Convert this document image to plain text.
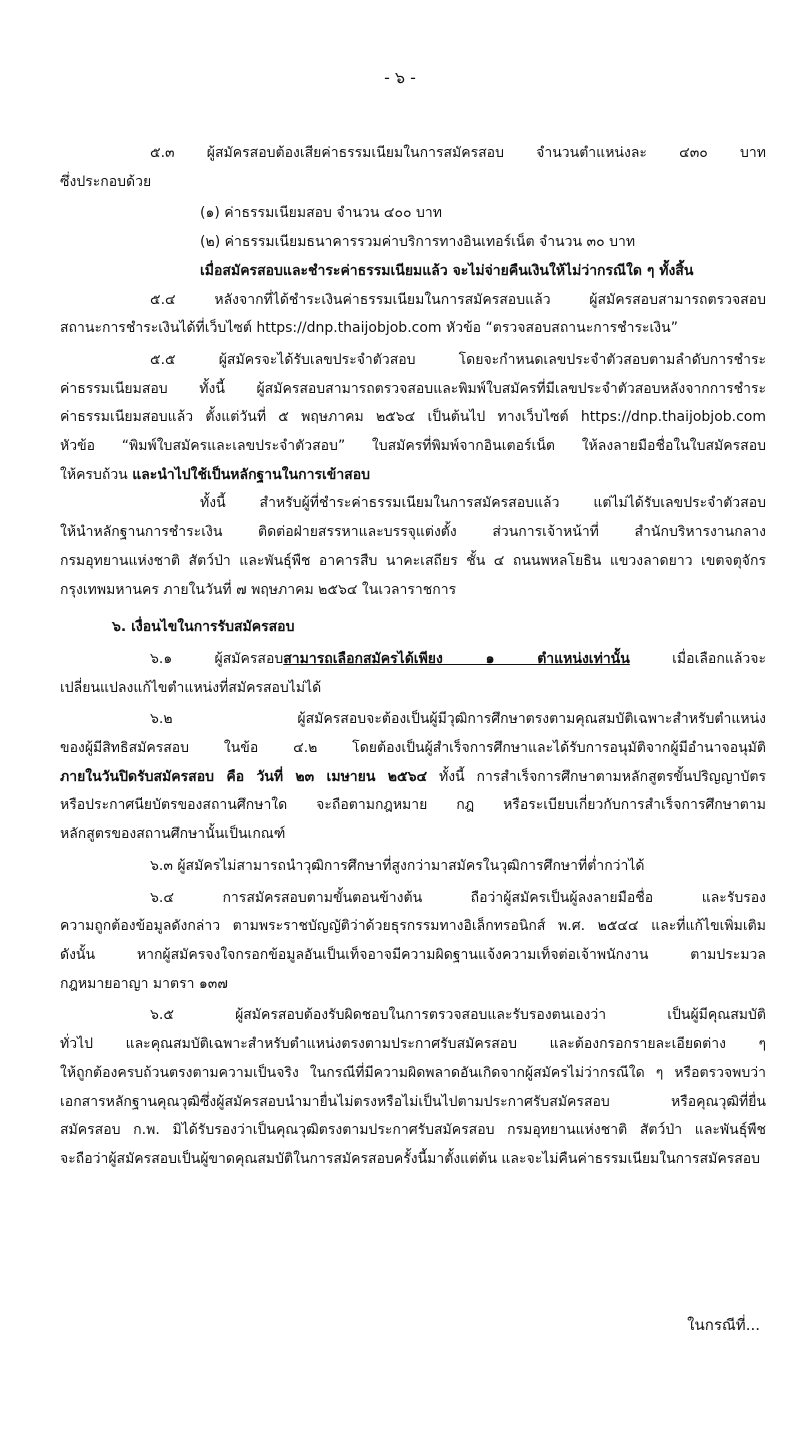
- ๖ -
๕.๓ ผู้สมัครสอบต้องเสียค่าธรรมเนียมในการสมัครสอบ จำนวนตำแหน่งละ ๔๓๐ บาท
ซึ่งประกอบด้วย
(๑) ค่าธรรมเนียมสอบ จำนวน ๔๐๐ บาท
(๒) ค่าธรรมเนียมธนาคารรวมค่าบริการทางอินเทอร์เน็ต จำนวน ๓๐ บาท
เมื่อสมัครสอบและชำระค่าธรรมเนียมแล้ว จะไม่จ่ายคืนเงินให้ไม่ว่ากรณีใด ๆ ทั้งสิ้น
๕.๔ หลังจากที่ได้ชำระเงินค่าธรรมเนียมในการสมัครสอบแล้ว ผู้สมัครสอบสามารถตรวจสอบ
สถานะการชำระเงินได้ที่เว็บไซต์ https://dnp.thaijobjob.com หัวข้อ “ตรวจสอบสถานะการชำระเงิน”
๕.๕ ผู้สมัครจะได้รับเลขประจำตัวสอบ โดยจะกำหนดเลขประจำตัวสอบตามลำดับการชำระ
ค่าธรรมเนียมสอบ ทั้งนี้ ผู้สมัครสอบสามารถตรวจสอบและพิมพ์ใบสมัครที่มีเลขประจำตัวสอบหลังจากการชำระ
ค่าธรรมเนียมสอบแล้ว ตั้งแต่วันที่ ๕ พฤษภาคม ๒๕๖๔ เป็นต้นไป ทางเว็บไซต์ https://dnp.thaijobjob.com
หัวข้อ “พิมพ์ใบสมัครและเลขประจำตัวสอบ” ใบสมัครที่พิมพ์จากอินเตอร์เน็ต ให้ลงลายมือชื่อในใบสมัครสอบ
ให้ครบถ้วน และนำไปใช้เป็นหลักฐานในการเข้าสอบ
ทั้งนี้ สำหรับผู้ที่ชำระค่าธรรมเนียมในการสมัครสอบแล้ว แต่ไม่ได้รับเลขประจำตัวสอบ
ให้นำหลักฐานการชำระเงิน ติดต่อฝ่ายสรรหาและบรรจุแต่งตั้ง ส่วนการเจ้าหน้าที่ สำนักบริหารงานกลาง
กรมอุทยานแห่งชาติ สัตว์ป่า และพันธุ์พืช อาคารสืบ นาคะเสถียร ชั้น ๔ ถนนพหลโยธิน แขวงลาดยาว เขตจตุจักร
กรุงเทพมหานคร ภายในวันที่ ๗ พฤษภาคม ๒๕๖๔ ในเวลาราชการ
๖. เงื่อนไขในการรับสมัครสอบ
๖.๑ ผู้สมัครสอบสามารถเลือกสมัครได้เพียง ๑ ตำแหน่งเท่านั้น เมื่อเลือกแล้วจะ
เปลี่ยนแปลงแก้ไขตำแหน่งที่สมัครสอบไม่ได้
๖.๒ ผู้สมัครสอบจะต้องเป็นผู้มีวุฒิการศึกษาตรงตามคุณสมบัติเฉพาะสำหรับตำแหน่ง
ของผู้มีสิทธิสมัครสอบ ในข้อ ๔.๒ โดยต้องเป็นผู้สำเร็จการศึกษาและได้รับการอนุมัติจากผู้มีอำนาจอนุมัติ
ภายในวันปิดรับสมัครสอบ คือ วันที่ ๒๓ เมษายน ๒๕๖๔ ทั้งนี้ การสำเร็จการศึกษาตามหลักสูตรขั้นปริญญาบัตร
หรือประกาศนียบัตรของสถานศึกษาใด จะถือตามกฎหมาย กฎ หรือระเบียบเกี่ยวกับการสำเร็จการศึกษาตาม
หลักสูตรของสถานศึกษานั้นเป็นเกณฑ์
๖.๓ ผู้สมัครไม่สามารถนำวุฒิการศึกษาที่สูงกว่ามาสมัครในวุฒิการศึกษาที่ต่ำกว่าได้
๖.๔ การสมัครสอบตามขั้นตอนข้างต้น ถือว่าผู้สมัครเป็นผู้ลงลายมือชื่อ และรับรอง
ความถูกต้องข้อมูลดังกล่าว ตามพระราชบัญญัติว่าด้วยธุรกรรมทางอิเล็กทรอนิกส์ พ.ศ. ๒๕๔๔ และที่แก้ไขเพิ่มเติม
ดังนั้น หากผู้สมัครจงใจกรอกข้อมูลอันเป็นเท็จอาจมีความผิดฐานแจ้งความเท็จต่อเจ้าพนักงาน ตามประมวล
กฎหมายอาญา มาตรา ๑๓๗
๖.๕ ผู้สมัครสอบต้องรับผิดชอบในการตรวจสอบและรับรองตนเองว่า เป็นผู้มีคุณสมบัติ
ทั่วไป และคุณสมบัติเฉพาะสำหรับตำแหน่งตรงตามประกาศรับสมัครสอบ และต้องกรอกรายละเอียดต่าง ๆ
ให้ถูกต้องครบถ้วนตรงตามความเป็นจริง ในกรณีที่มีความผิดพลาดอันเกิดจากผู้สมัครไม่ว่ากรณีใด ๆ หรือตรวจพบว่า
เอกสารหลักฐานคุณวุฒิซึ่งผู้สมัครสอบนำมายื่นไม่ตรงหรือไม่เป็นไปตามประกาศรับสมัครสอบ หรือคุณวุฒิที่ยื่น
สมัครสอบ ก.พ. มิได้รับรองว่าเป็นคุณวุฒิตรงตามประกาศรับสมัครสอบ กรมอุทยานแห่งชาติ สัตว์ป่า และพันธุ์พืช
จะถือว่าผู้สมัครสอบเป็นผู้ขาดคุณสมบัติในการสมัครสอบครั้งนี้มาตั้งแต่ต้น และจะไม่คืนค่าธรรมเนียมในการสมัครสอบ
ในกรณีที่...
